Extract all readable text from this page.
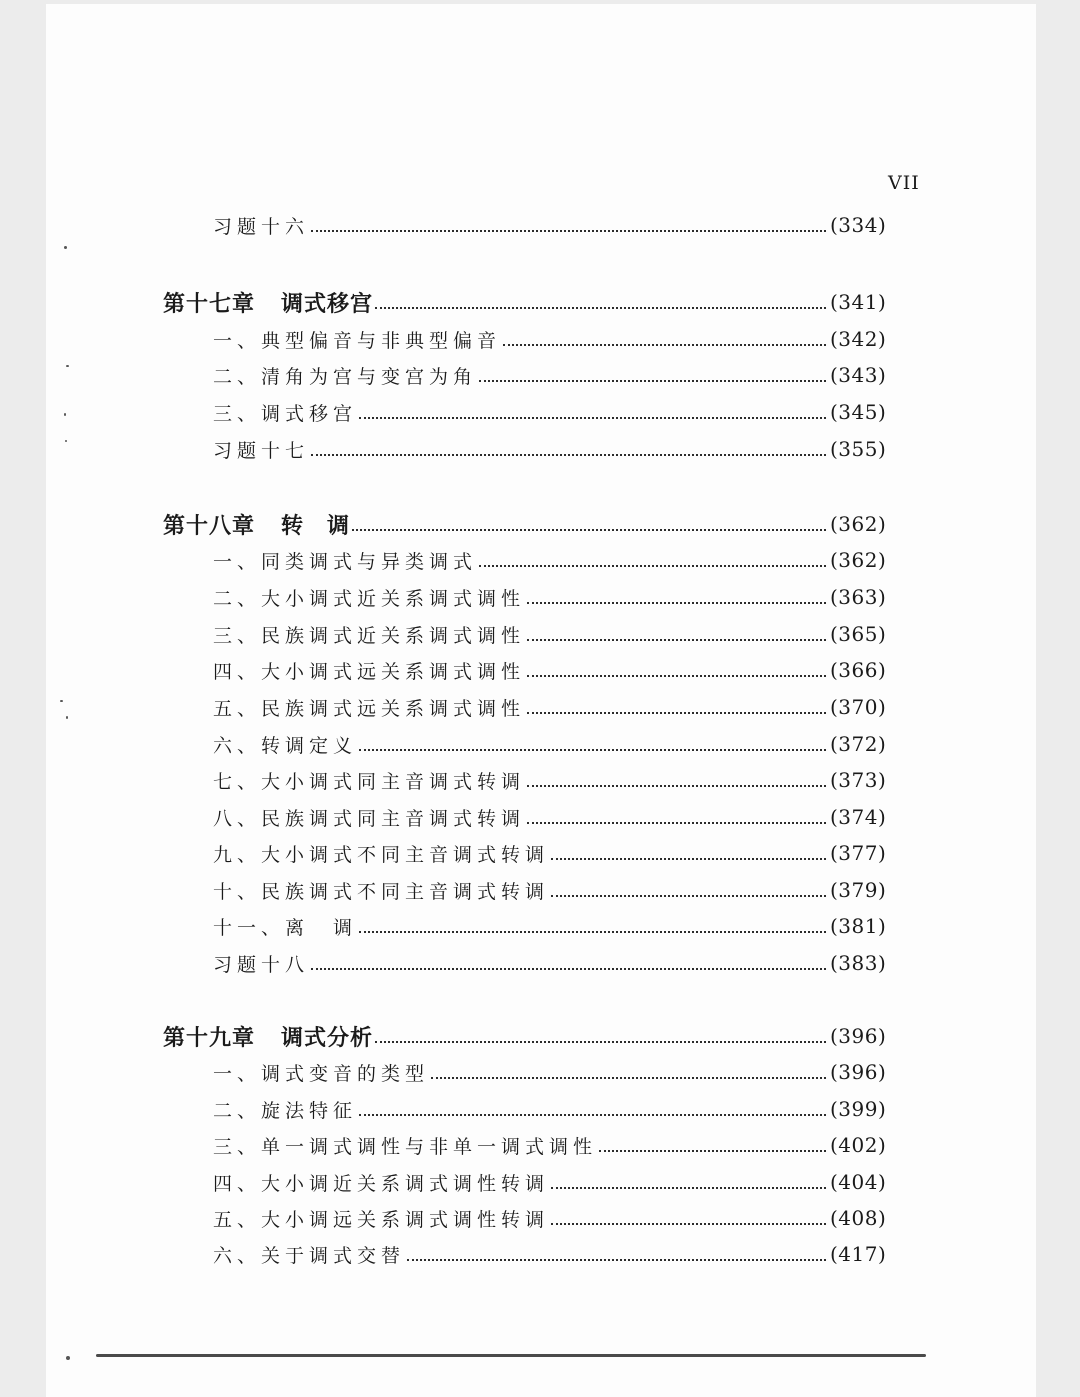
VII
习题十六	(334)
第十七章 调式移宫	(341)
一、典型偏音与非典型偏音	(342)
二、清角为宫与变宫为角	(343)
三、调式移宫	(345)
习题十七	(355)
第十八章 转　调	(362)
一、同类调式与异类调式	(362)
二、大小调式近关系调式调性	(363)
三、民族调式近关系调式调性	(365)
四、大小调式远关系调式调性	(366)
五、民族调式远关系调式调性	(370)
六、转调定义	(372)
七、大小调式同主音调式转调	(373)
八、民族调式同主音调式转调	(374)
九、大小调式不同主音调式转调	(377)
十、民族调式不同主音调式转调	(379)
十一、离　调	(381)
习题十八	(383)
第十九章 调式分析	(396)
一、调式变音的类型	(396)
二、旋法特征	(399)
三、单一调式调性与非单一调式调性	(402)
四、大小调近关系调式调性转调	(404)
五、大小调远关系调式调性转调	(408)
六、关于调式交替	(417)
